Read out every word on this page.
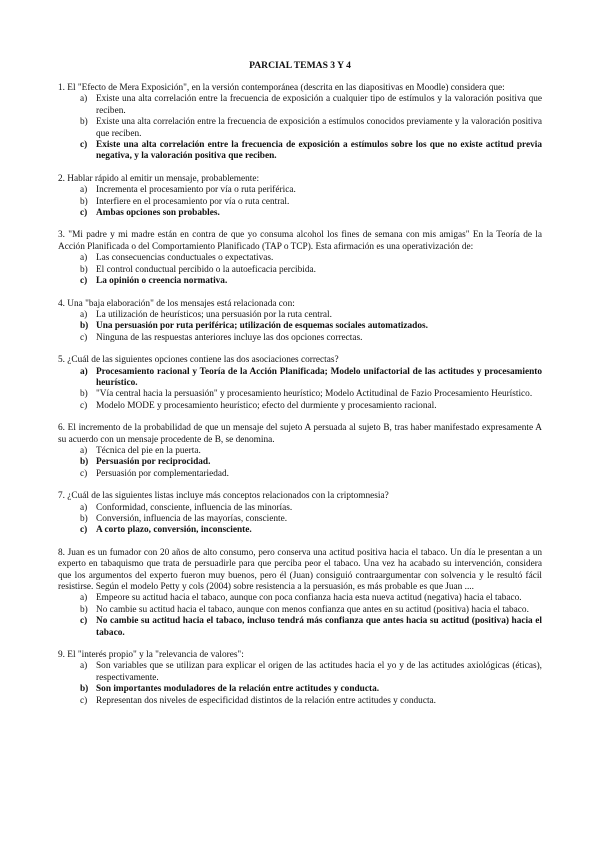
PARCIAL TEMAS 3 Y 4
1. El "Efecto de Mera Exposición", en la versión contemporánea (descrita en las diapositivas en Moodle) considera que:
a) Existe una alta correlación entre la frecuencia de exposición a cualquier tipo de estímulos y la valoración positiva que reciben.
b) Existe una alta correlación entre la frecuencia de exposición a estímulos conocidos previamente y la valoración positiva que reciben.
c) Existe una alta correlación entre la frecuencia de exposición a estímulos sobre los que no existe actitud previa negativa, y la valoración positiva que reciben.
2. Hablar rápido al emitir un mensaje, probablemente:
a) Incrementa el procesamiento por vía o ruta periférica.
b) Interfiere en el procesamiento por vía o ruta central.
c) Ambas opciones son probables.
3. "Mi padre y mi madre están en contra de que yo consuma alcohol los fines de semana con mis amigas" En la Teoría de la Acción Planificada o del Comportamiento Planificado (TAP o TCP). Esta afirmación es una operativización de:
a) Las consecuencias conductuales o expectativas.
b) El control conductual percibido o la autoeficacia percibida.
c) La opinión o creencia normativa.
4. Una "baja elaboración" de los mensajes está relacionada con:
a) La utilización de heurísticos; una persuasión por la ruta central.
b) Una persuasión por ruta periférica; utilización de esquemas sociales automatizados.
c) Ninguna de las respuestas anteriores incluye las dos opciones correctas.
5. ¿Cuál de las siguientes opciones contiene las dos asociaciones correctas?
a) Procesamiento racional y Teoría de la Acción Planificada; Modelo unifactorial de las actitudes y procesamiento heurístico.
b) "Vía central hacia la persuasión" y procesamiento heurístico; Modelo Actitudinal de Fazio Procesamiento Heurístico.
c) Modelo MODE y procesamiento heurístico; efecto del durmiente y procesamiento racional.
6. El incremento de la probabilidad de que un mensaje del sujeto A persuada al sujeto B, tras haber manifestado expresamente A su acuerdo con un mensaje procedente de B, se denomina.
a) Técnica del pie en la puerta.
b) Persuasión por reciprocidad.
c) Persuasión por complementariedad.
7. ¿Cuál de las siguientes listas incluye más conceptos relacionados con la criptomnesia?
a) Conformidad, consciente, influencia de las minorías.
b) Conversión, influencia de las mayorías, consciente.
c) A corto plazo, conversión, inconsciente.
8. Juan es un fumador con 20 años de alto consumo, pero conserva una actitud positiva hacia el tabaco. Un día le presentan a un experto en tabaquismo que trata de persuadirle para que perciba peor el tabaco. Una vez ha acabado su intervención, considera que los argumentos del experto fueron muy buenos, pero él (Juan) consiguió contraargumentar con solvencia y le resultó fácil resistirse. Según el modelo Petty y cols (2004) sobre resistencia a la persuasión, es más probable es que Juan ....
a) Empeore su actitud hacia el tabaco, aunque con poca confianza hacia esta nueva actitud (negativa) hacia el tabaco.
b) No cambie su actitud hacia el tabaco, aunque con menos confianza que antes en su actitud (positiva) hacia el tabaco.
c) No cambie su actitud hacia el tabaco, incluso tendrá más confianza que antes hacia su actitud (positiva) hacia el tabaco.
9. El "interés propio" y la "relevancia de valores":
a) Son variables que se utilizan para explicar el origen de las actitudes hacia el yo y de las actitudes axiológicas (éticas), respectivamente.
b) Son importantes moduladores de la relación entre actitudes y conducta.
c) Representan dos niveles de especificidad distintos de la relación entre actitudes y conducta.
